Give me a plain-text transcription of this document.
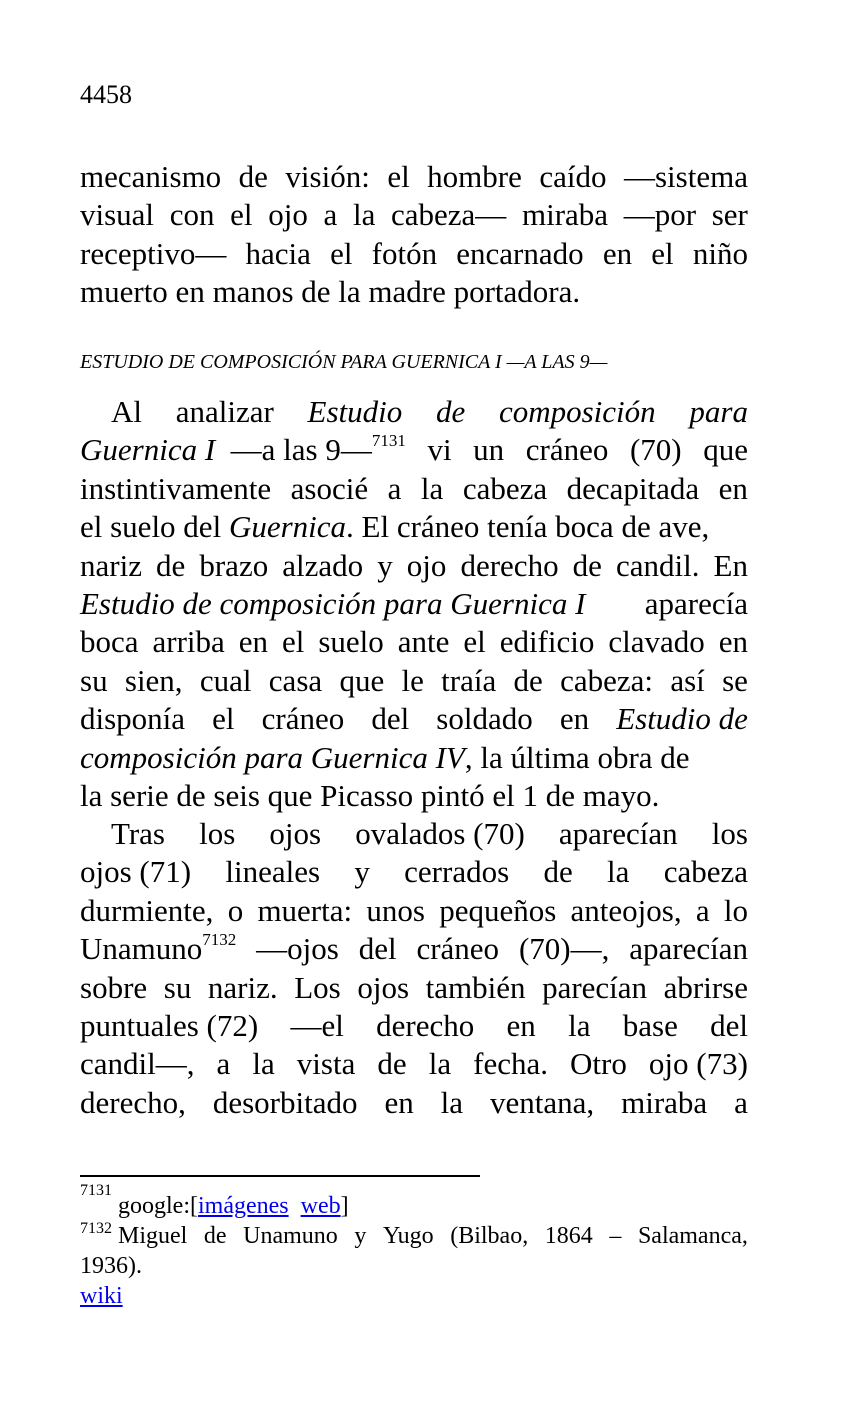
4458
mecanismo de visión: el hombre caído —sistema
visual con el ojo a la cabeza— miraba —por ser
receptivo— hacia el fotón encarnado en el niño
muerto en manos de la madre portadora.
ESTUDIO DE COMPOSICIÓN PARA GUERNICA I —A LAS 9—
Al analizar Estudio de composición para
Guernica I —a las 9—$^{7131}$ vi un cráneo (70) que
instintivamente asocié a la cabeza decapitada en
el suelo del
Guernica . El cráneo tenía boca de ave,
nariz de brazo alzado y ojo derecho de candil. En
Estudio de composición para Guernica I aparecía
boca arriba en el suelo ante el edificio clavado en
su sien, cual casa que le traía de cabeza: así se
disponía el cráneo del soldado en Estudio de
composición para Guernica IV , la última obra de
la serie de seis que Picasso pintó el 1 de mayo.
Tras los ojos ovalados (70) aparecían los
ojos (71) lineales y cerrados de la cabeza
durmiente, o muerta: unos pequeños anteojos, a lo
Unamuno$^{7132}$ —ojos del cráneo (70)—, aparecían
sobre su nariz. Los ojos también parecían abrirse
puntuales (72) —el derecho en la base del
candil—, a la vista de la fecha. Otro ojo (73)
derecho, desorbitado en la ventana, miraba a
7131
google:[ imágenes
web ]
$^{7132}$ Miguel de Unamuno y Yugo (Bilbao, 1864 – Salamanca,
1936).
wiki
